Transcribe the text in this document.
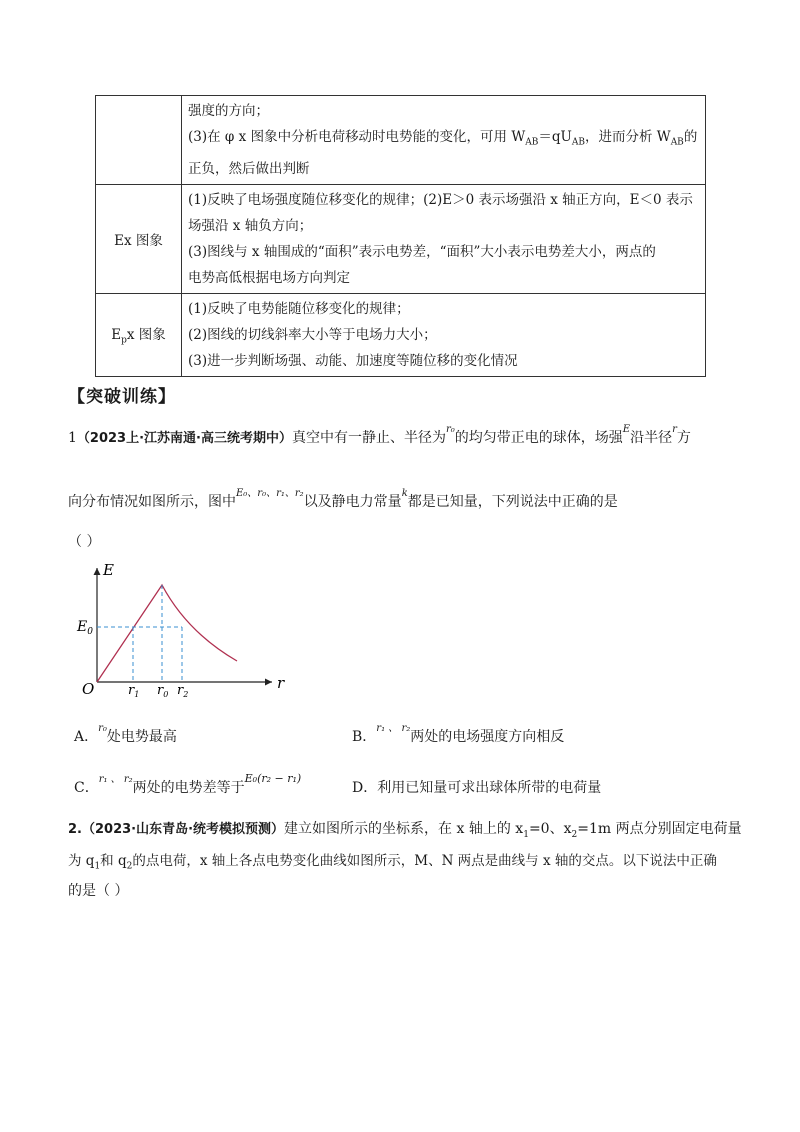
	强度的方向；
(3)在 φ x 图象中分析电荷移动时电势能的变化，可用 $W_{AB}=qU_{AB}$，进而分析 $W_{AB}$的
正负，然后做出判断

Ex 图象	(1)反映了电场强度随位移变化的规律；(2)E＞0 表示场强沿 x 轴正方向，E＜0 表示
场强沿 x 轴负方向；
(3)图线与 x 轴围成的“面积”表示电势差，“面积”大小表示电势差大小，两点的
电势高低根据电场方向判定

$E_px$ 图象	(1)反映了电势能随位移变化的规律；
(2)图线的切线斜率大小等于电场力大小；
(3)进一步判断场强、动能、加速度等随位移的变化情况
【突破训练】
1（2023上·江苏南通·高三统考期中）真空中有一静止、半径为$^{r_0}$的均匀带正电的球体，场强$^E$沿半径$^r$方
向分布情况如图所示，图中$^{E_0、r_0、r_1、r_2}$以及静电力常量$^k$都是已知量，下列说法中正确的是
（ ）
E
r
O
$E_0$
$r_1$ $r_0$ $r_2$
A．$^{r_0}$处电势最高	B．$^{r_1 、 r_2}$两处的电场强度方向相反
C．$^{r_1 、 r_2}$两处的电势差等于$^{E_0(r_2 - r_1)}$
D．利用已知量可求出球体所带的电荷量
2.（2023·山东青岛·统考模拟预测）建立如图所示的坐标系，在 x 轴上的 $x_1=0$、$x_2=1m$ 两点分别固定电荷量
为 $q_1$和 $q_2$的点电荷，x 轴上各点电势变化曲线如图所示，M、N 两点是曲线与 x 轴的交点。以下说法中正确
的是（ ）
